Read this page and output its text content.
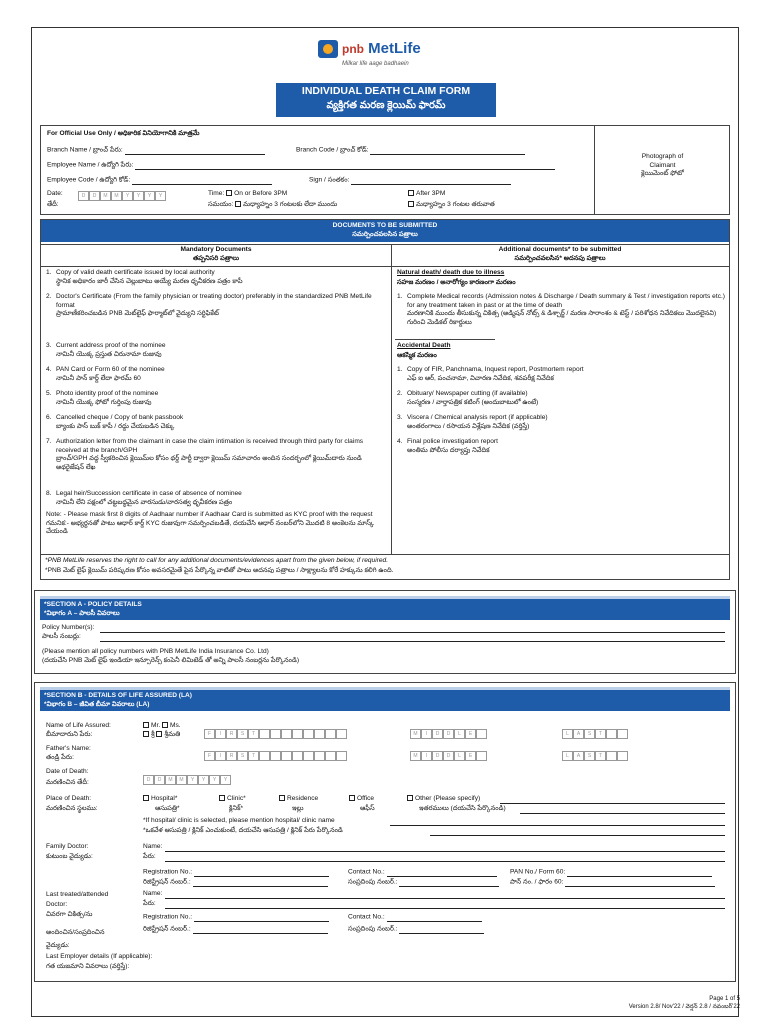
pnb MetLife
Milkar life aage badhaein
INDIVIDUAL DEATH CLAIM FORM
వ్యక్తిగత మరణ క్లెయిమ్ ఫారమ్
For Official Use Only / అధికారిక వినియోగానికి మాత్రమే
Branch Name / బ్రాంచ్ పేరు:	Branch Code / బ్రాంచ్ కోడ్:
Employee Name / ఉద్యోగి పేరు:
Employee Code / ఉద్యోగి కోడ్:	Sign / సంతకం:
Date:
తేదీ:
D D M M Y Y Y Y	Time: On or Before 3PM
సమయం: మధ్యాహ్నం 3 గంటలకు లేదా ముందు
After 3PM
మధ్యాహ్నం 3 గంటల తరువాత
Photograph of
Claimant
క్లెయిమెంట్ ఫోటో
DOCUMENTS TO BE SUBMITTED
సమర్పించవలసిన పత్రాలు
Mandatory Documents
తప్పనిసరి పత్రాలు
Additional documents* to be submitted
సమర్పించవలసిన* అదనపు పత్రాలు
1. Copy of valid death certificate issued by local authority
స్థానిక అధికారం జారీ చేసిన చెల్లుబాటు అయ్యే మరణ ధృవీకరణ పత్రం కాపీ
2. Doctor's Certificate (From the family physician or treating doctor) preferably in the standardized PNB MetLife format
ప్రామాణీకరించబడిన PNB మెట్‌లైఫ్ ఫార్మాట్‌లో వైద్యుని సర్టిఫికేట్
3. Current address proof of the nominee
నామినీ యొక్క ప్రస్తుత చిరునామా రుజువు
4. PAN Card or Form 60 of the nominee
నామినీ పాన్ కార్డ్ లేదా ఫారమ్ 60
5. Photo identity proof of the nominee
నామినీ యొక్క ఫోటో గుర్తింపు రుజువు
6. Cancelled cheque / Copy of bank passbook
బ్యాంకు పాస్ బుక్ కాపీ / రద్దు చేయబడిన చెక్కు
7. Authorization letter from the claimant in case the claim intimation is received through third party for claims received at the branch/GPH
బ్రాంచ్/GPH వద్ద స్వీకరించిన క్లెయిమ్‌ల కోసం థర్డ్ పార్టీ ద్వారా క్లెయిమ్ సమాచారం అందిన సందర్భంలో క్లెయిమ్‌దారు నుండి అథరైజేషన్ లేఖ
8. Legal heir/Succession certificate in case of absence of nominee
నామినీ లేని పక్షంలో చట్టబద్ధమైన వారసుడు/వారసత్వ ధృవీకరణ పత్రం
Note: - Please mask first 8 digits of Aadhaar number if Aadhaar Card is submitted as KYC proof with the request
గమనిక:- అభ్యర్థనతో పాటు ఆధార్ కార్డ్ KYC రుజువుగా సమర్పించబడితే, దయచేసి ఆధార్ నంబర్‌లోని మొదటి 8 అంకెలను మాస్క్ చేయండి
Natural death/ death due to illness
సహజ మరణం / అనారోగ్యం కారణంగా మరణం
1. Complete Medical records (Admission notes & Discharge / Death summary & Test / investigation reports etc.) for any treatment taken in past or at the time of death
మరణానికి ముందు తీసుకున్న చికిత్స (అడ్మిషన్ నోట్స్ & డిశ్చార్జ్ / మరణ సారాంశం & టెస్ట్ / పరిశోధన నివేదికలు మొదలైనవి) గురించి మెడికల్ రికార్డులు
Accidental Death
ఆకస్మిక మరణం
1. Copy of FIR, Panchnama, Inquest report, Postmortem report
ఎఫ్ ఐ ఆర్, పంచనామా, విచారణ నివేదిక, శవపరీక్ష నివేదిక
2. Obituary/ Newspaper cutting (if available)
సంస్మరణ / వార్తాపత్రిక కటింగ్ (అందుబాటులో ఉంటే)
3. Viscera / Chemical analysis report (if applicable)
అంతరంగాలు / రసాయన విశ్లేషణ నివేదిక (వర్తిస్తే)
4. Final police investigation report
అంతిమ పోలీసు దర్యాప్తు నివేదిక
*PNB MetLife reserves the right to call for any additional documents/evidences apart from the given below, if required.
*PNB మెట్ లైఫ్ క్లెయిమ్ పరిష్కరణ కోసం అవసరమైతే పైన పేర్కొన్న వాటితో పాటు అదనపు పత్రాలు / సాక్ష్యాలను కోరే హక్కును కలిగి ఉంది.
*SECTION A - POLICY DETAILS
*విభాగం A – పాలసీ వివరాలు
Policy Number(s):
పాలసీ నంబర్లు:
(Please mention all policy numbers with PNB MetLife India Insurance Co. Ltd)
(దయచేసి PNB మెట్ లైఫ్ ఇండియా ఇన్సూరెన్స్ కంపెనీ లిమిటెడ్ తో అన్ని పాలసీ నంబర్లను పేర్కొనండి)
*SECTION B - DETAILS OF LIFE ASSURED (LA)
*విభాగం B – జీవిత బీమా వివరాలు (LA)
Name of Life Assured:
బీమాదారుని పేరు:
Mr. Ms.
శ్రీ శ్రీమతి	F I R S T	M I D D L E	L A S T
Father's Name:
తండ్రి పేరు:	F I R S T	M I D D L E	L A S T
Date of Death:
మరణించిన తేదీ:	D D M M Y Y Y Y
Place of Death:
మరణించిన స్థలము:
Hospital*
ఆసుపత్రి*
Clinic*
క్లినిక్*
Residence
ఇల్లు
Office
ఆఫీస్
Other (Please specify)
ఇతరములు (దయచేసి పేర్కొనండి)
*If hospital/ clinic is selected, please mention hospital/ clinic name
*ఒకవేళ ఆసుపత్రి / క్లినిక్ ఎంచుకుంటే, దయచేసి ఆసుపత్రి / క్లినిక్ పేరు పేర్కొనండి
Family Doctor:
కుటుంబ వైద్యుడు:
Name:
పేరు:
Registration No.:
రిజిస్ట్రేషన్ నంబర్.:
Contact No.:
సంప్రదింపు నంబర్.:
PAN No./ Form 60:
పాన్ నం. / ఫారం 60:
Last treated/attended
Doctor:
చివరగా చికిత్స/ను
అందించిన/సంప్రదించిన
వైద్యుడు:
Name:
పేరు:
Registration No.:
రిజిస్ట్రేషన్ నంబర్.:
Contact No.:
సంప్రదింపు నంబర్.:
Last Employer details (If applicable):
గత యజమాని వివరాలు (వర్తిస్తే):
Page 1 of 5
Version 2.8/ Nov'22 / వెర్షన్ 2.8 / నవంబర్'22
